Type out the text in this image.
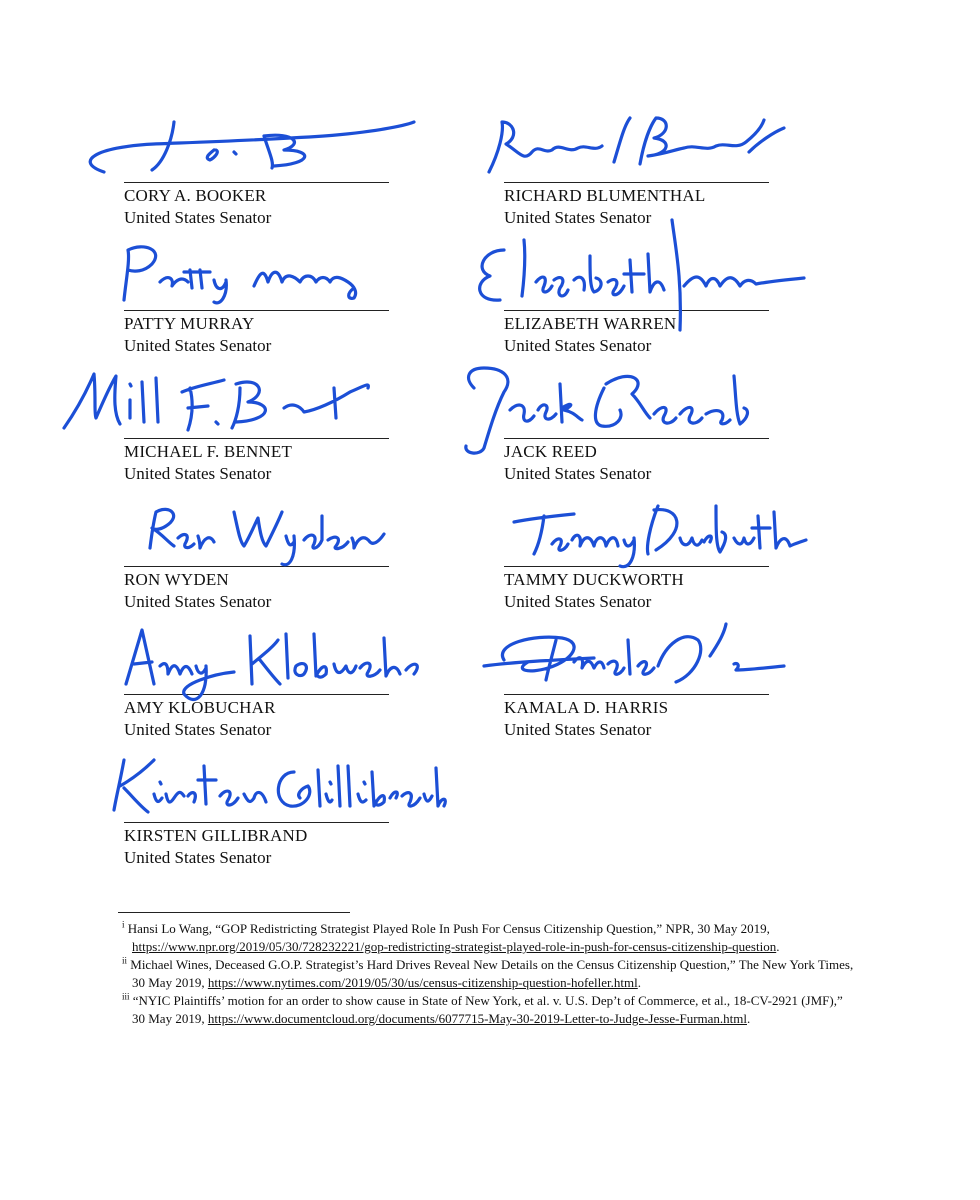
CORY A. BOOKER
United States Senator
RICHARD BLUMENTHAL
United States Senator
PATTY MURRAY
United States Senator
ELIZABETH WARREN
United States Senator
MICHAEL F. BENNET
United States Senator
JACK REED
United States Senator
RON WYDEN
United States Senator
TAMMY DUCKWORTH
United States Senator
AMY KLOBUCHAR
United States Senator
KAMALA D. HARRIS
United States Senator
KIRSTEN GILLIBRAND
United States Senator

$^i$ Hansi Lo Wang, “GOP Redistricting Strategist Played Role In Push For Census Citizenship Question,” NPR, 30 May 2019, https://www.npr.org/2019/05/30/728232221/gop-redistricting-strategist-played-role-in-push-for-census-citizenship-question.

$^{ii}$ Michael Wines, Deceased G.O.P. Strategist’s Hard Drives Reveal New Details on the Census Citizenship Question,” The New York Times, 30 May 2019, https://www.nytimes.com/2019/05/30/us/census-citizenship-question-hofeller.html.

$^{iii}$ “NYIC Plaintiffs’ motion for an order to show cause in State of New York, et al. v. U.S. Dep’t of Commerce, et al., 18-CV-2921 (JMF),” 30 May 2019, https://www.documentcloud.org/documents/6077715-May-30-2019-Letter-to-Judge-Jesse-Furman.html.
